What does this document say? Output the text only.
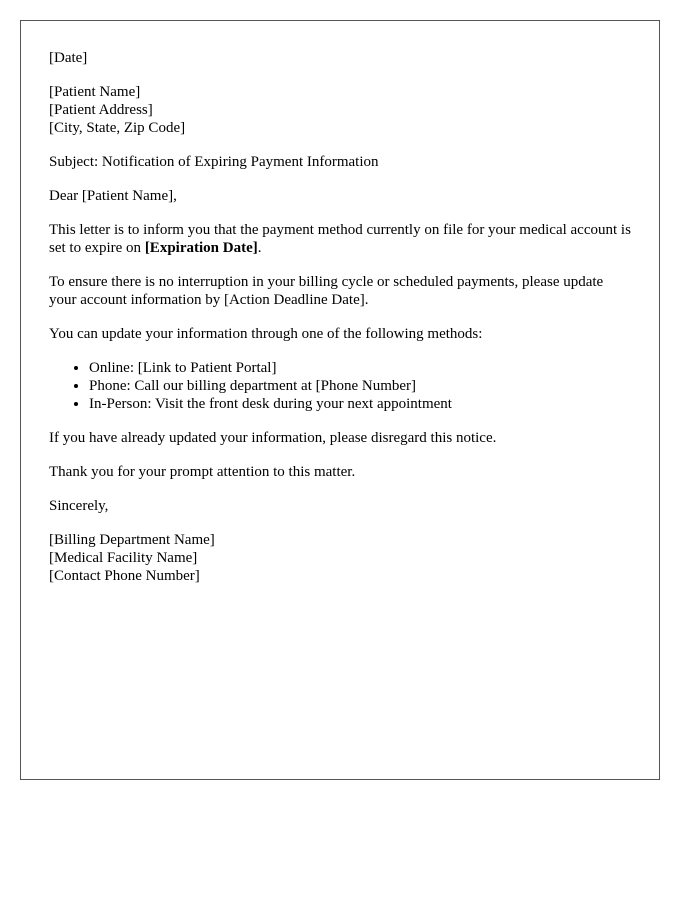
[Date]

[Patient Name]
[Patient Address]
[City, State, Zip Code]

Subject: Notification of Expiring Payment Information

Dear [Patient Name],

This letter is to inform you that the payment method currently on file for your medical account is set to expire on [Expiration Date].

To ensure there is no interruption in your billing cycle or scheduled payments, please update your account information by [Action Deadline Date].

You can update your information through one of the following methods:

• Online: [Link to Patient Portal]
• Phone: Call our billing department at [Phone Number]
• In-Person: Visit the front desk during your next appointment

If you have already updated your information, please disregard this notice.

Thank you for your prompt attention to this matter.

Sincerely,

[Billing Department Name]
[Medical Facility Name]
[Contact Phone Number]
